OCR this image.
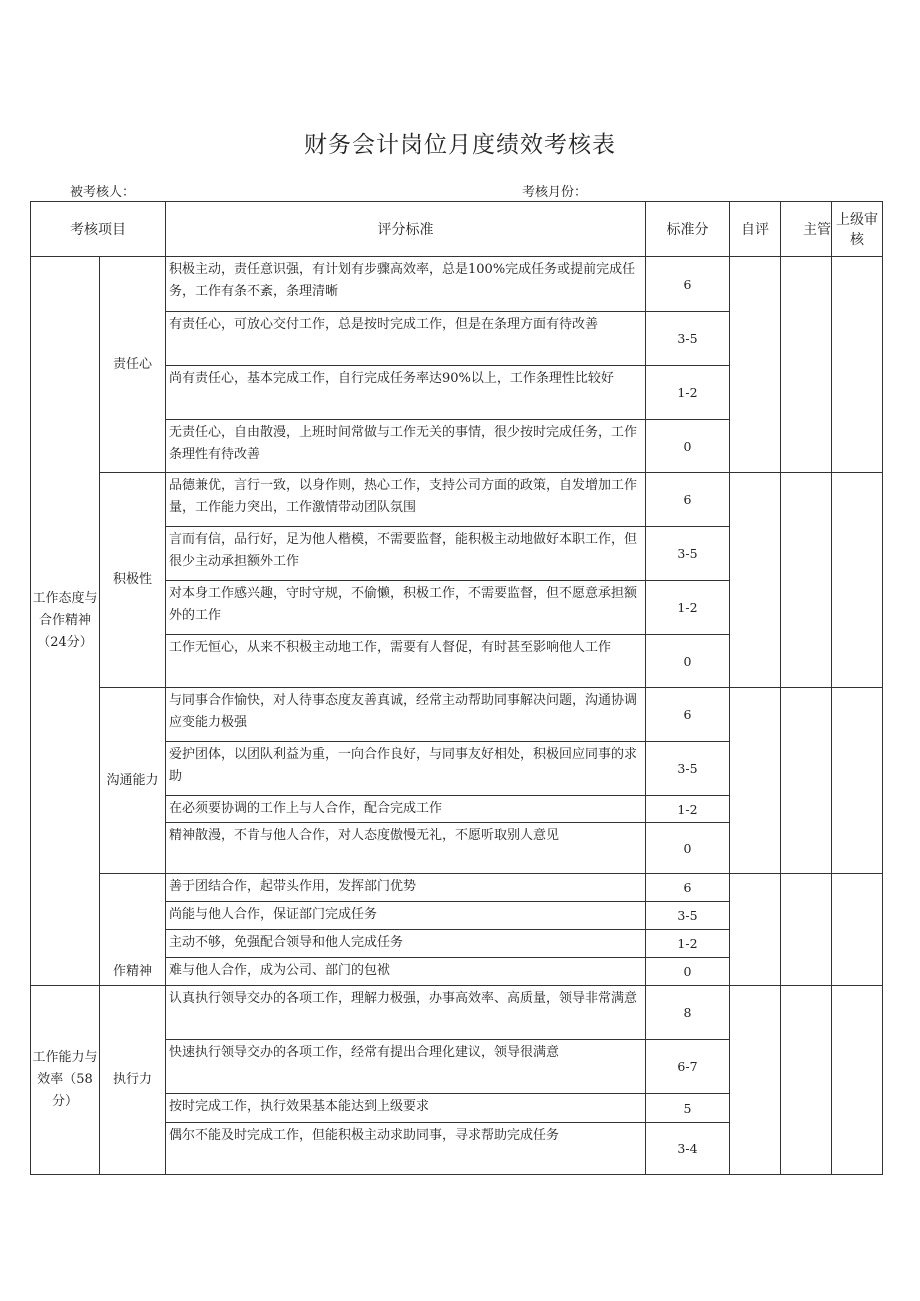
财务会计岗位月度绩效考核表
被考核人：	考核月份：
考核项目		评分标准	标准分	自评	主管	上级审核
工作态度与合作精神（24分）	责任心	积极主动，责任意识强，有计划有步骤高效率，总是100%完成任务或提前完成任务，工作有条不紊，条理清晰	6			
		有责任心，可放心交付工作，总是按时完成工作，但是在条理方面有待改善	3-5			
		尚有责任心，基本完成工作，自行完成任务率达90%以上，工作条理性比较好	1-2			
		无责任心，自由散漫，上班时间常做与工作无关的事情，很少按时完成任务，工作条理性有待改善	0			
	积极性	品德兼优，言行一致，以身作则，热心工作，支持公司方面的政策，自发增加工作量，工作能力突出，工作激情带动团队氛围	6			
		言而有信，品行好，足为他人楷模，不需要监督，能积极主动地做好本职工作，但很少主动承担额外工作	3-5			
		对本身工作感兴趣，守时守规，不偷懒，积极工作，不需要监督，但不愿意承担额外的工作	1-2			
		工作无恒心，从来不积极主动地工作，需要有人督促，有时甚至影响他人工作	0			
	沟通能力	与同事合作愉快，对人待事态度友善真诚，经常主动帮助同事解决问题，沟通协调应变能力极强	6			
		爱护团体，以团队利益为重，一向合作良好，与同事友好相处，积极回应同事的求助	3-5			
		在必须要协调的工作上与人合作，配合完成工作	1-2			
		精神散漫，不肯与他人合作，对人态度傲慢无礼，不愿听取别人意见	0			
	作精神	善于团结合作，起带头作用，发挥部门优势	6			
		尚能与他人合作，保证部门完成任务	3-5			
		主动不够，免强配合领导和他人完成任务	1-2			
		难与他人合作，成为公司、部门的包袱	0			
工作能力与效率（58分）	执行力	认真执行领导交办的各项工作，理解力极强，办事高效率、高质量，领导非常满意	8			
		快速执行领导交办的各项工作，经常有提出合理化建议，领导很满意	6-7			
		按时完成工作，执行效果基本能达到上级要求	5			
		偶尔不能及时完成工作，但能积极主动求助同事，寻求帮助完成任务	3-4			
